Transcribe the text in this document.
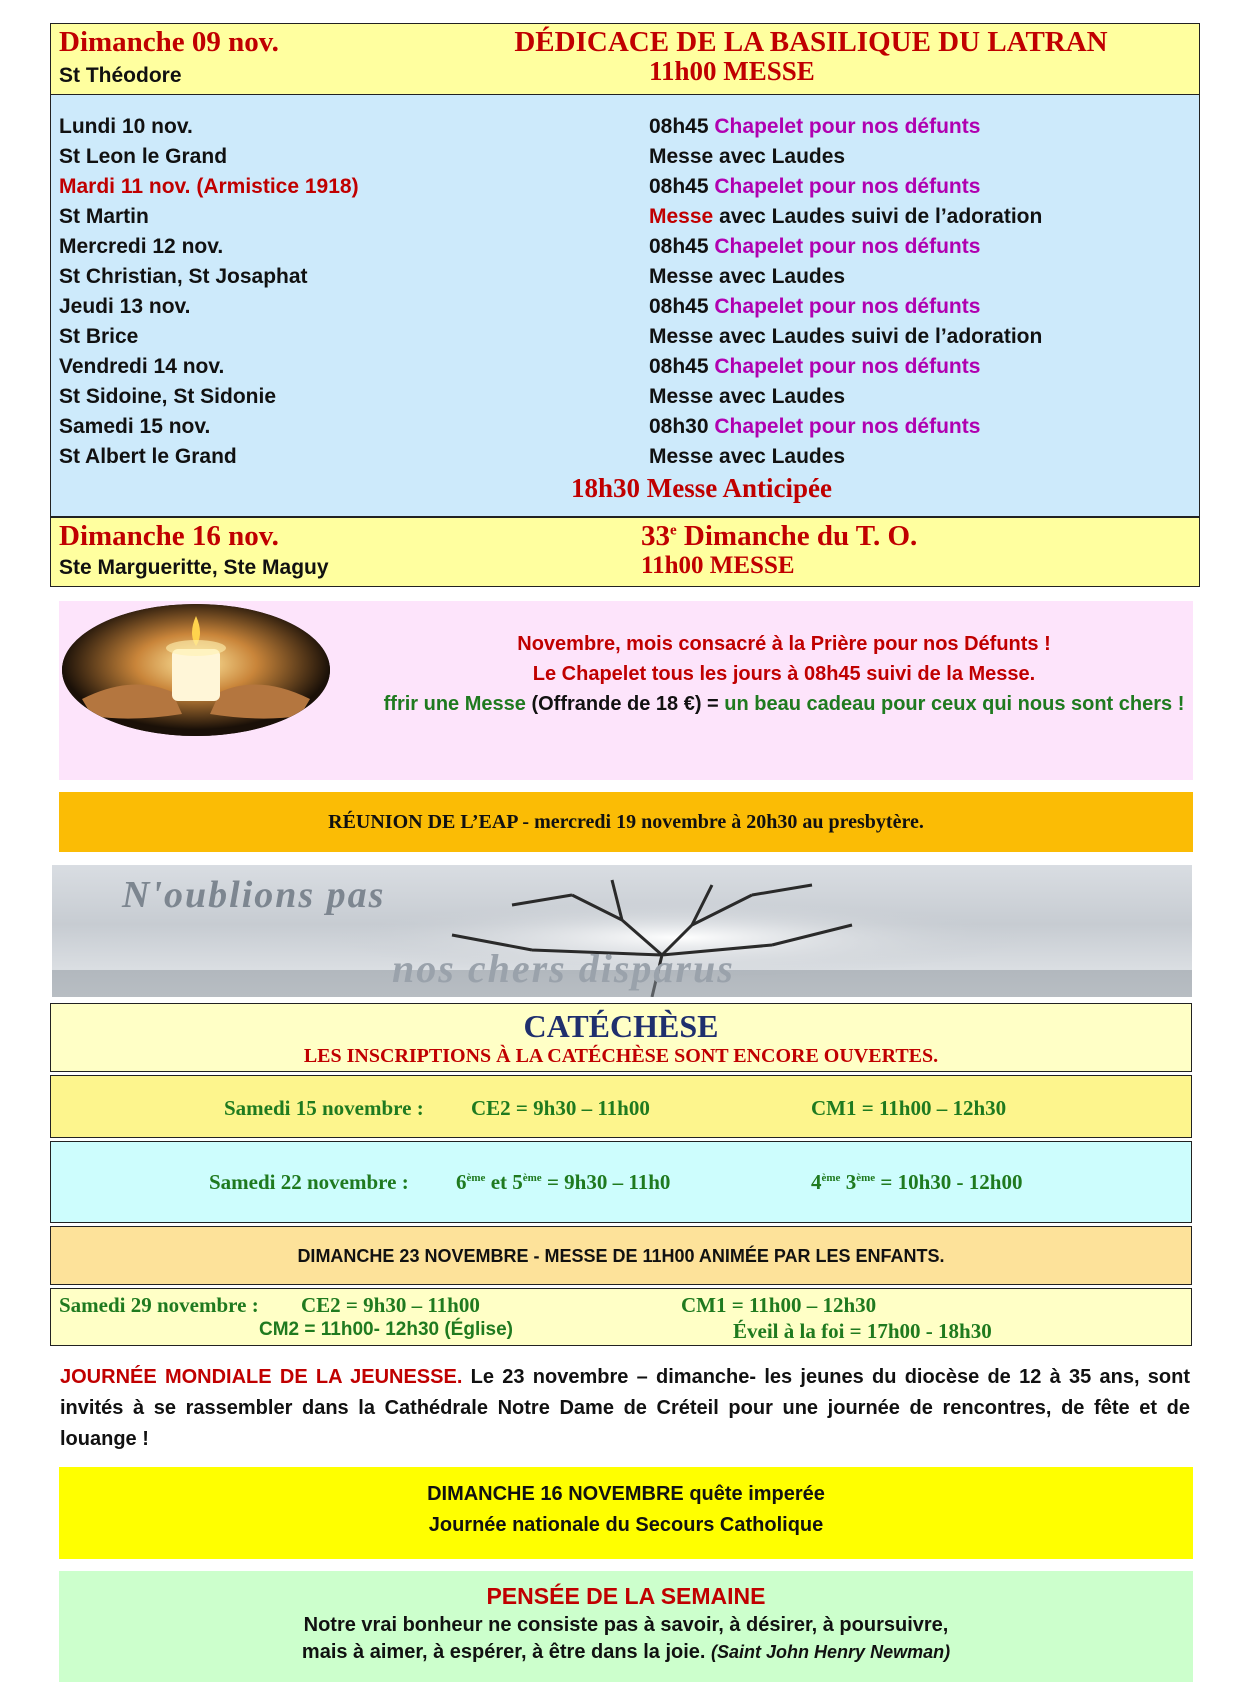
Dimanche 09 nov.	DÉDICACE DE LA BASILIQUE DU LATRAN
St Théodore	11h00 MESSE
Lundi 10 nov.	08h45 Chapelet pour nos défunts
St Leon le Grand	Messe avec Laudes
Mardi 11 nov. (Armistice 1918)	08h45 Chapelet pour nos défunts
St Martin	Messe avec Laudes suivi de l’adoration
Mercredi 12 nov.	08h45 Chapelet pour nos défunts
St Christian, St Josaphat	Messe avec Laudes
Jeudi 13 nov.	08h45 Chapelet pour nos défunts
St Brice	Messe avec Laudes suivi de l’adoration
Vendredi 14 nov.	08h45 Chapelet pour nos défunts
St Sidoine, St Sidonie	Messe avec Laudes
Samedi 15 nov.	08h30 Chapelet pour nos défunts
St Albert le Grand	Messe avec Laudes
18h30 Messe Anticipée
Dimanche 16 nov.	33e Dimanche du T. O.
Ste Margueritte, Ste Maguy	11h00 MESSE
Novembre, mois consacré à la Prière pour nos Défunts !
Le Chapelet tous les jours à 08h45 suivi de la Messe.
ffrir une Messe (Offrande de 18 €) = un beau cadeau pour ceux qui nous sont chers !
RÉUNION DE L’EAP - mercredi 19 novembre à 20h30 au presbytère.
N'oublions pas
nos chers disparus
CATÉCHÈSE
LES INSCRIPTIONS À LA CATÉCHÈSE SONT ENCORE OUVERTES.
Samedi 15 novembre : CE2 = 9h30 – 11h00	CM1 = 11h00 – 12h30
Samedi 22 novembre : 6ème et 5ème = 9h30 – 11h0	4ème 3ème = 10h30 - 12h00
DIMANCHE 23 NOVEMBRE - MESSE DE 11H00 ANIMÉE PAR LES ENFANTS.
Samedi 29 novembre : CE2 = 9h30 – 11h00	CM1 = 11h00 – 12h30
CM2 = 11h00- 12h30 (Église)	Éveil à la foi = 17h00 - 18h30
JOURNÉE MONDIALE DE LA JEUNESSE. Le 23 novembre – dimanche- les jeunes du diocèse de 12 à 35 ans, sont invités à se rassembler dans la Cathédrale Notre Dame de Créteil pour une journée de rencontres, de fête et de louange !
DIMANCHE 16 NOVEMBRE quête imperée
Journée nationale du Secours Catholique
PENSÉE DE LA SEMAINE
Notre vrai bonheur ne consiste pas à savoir, à désirer, à poursuivre,
mais à aimer, à espérer, à être dans la joie. (Saint John Henry Newman)
